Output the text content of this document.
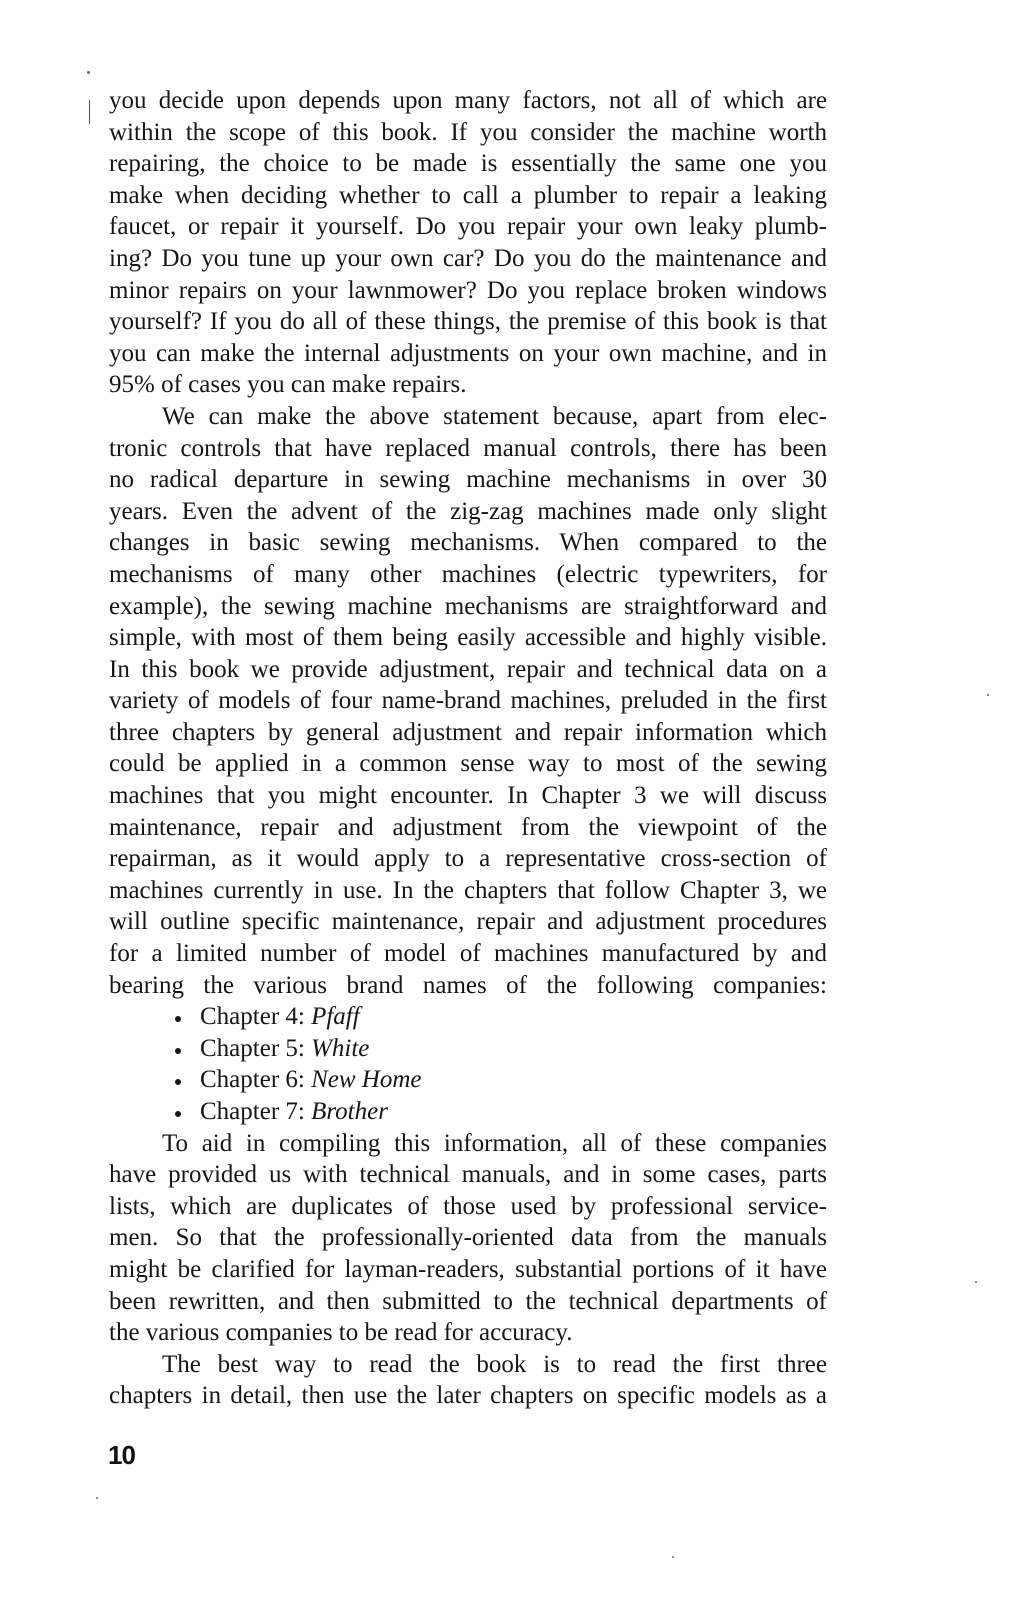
you decide upon depends upon many factors, not all of which are
within the scope of this book. If you consider the machine worth
repairing, the choice to be made is essentially the same one you
make when deciding whether to call a plumber to repair a leaking
faucet, or repair it yourself. Do you repair your own leaky plumb-
ing? Do you tune up your own car? Do you do the maintenance and
minor repairs on your lawnmower? Do you replace broken windows
yourself? If you do all of these things, the premise of this book is that
you can make the internal adjustments on your own machine, and in
95% of cases you can make repairs.
We can make the above statement because, apart from elec-
tronic controls that have replaced manual controls, there has been
no radical departure in sewing machine mechanisms in over 30
years. Even the advent of the zig-zag machines made only slight
changes in basic sewing mechanisms. When compared to the
mechanisms of many other machines (electric typewriters, for
example), the sewing machine mechanisms are straightforward and
simple, with most of them being easily accessible and highly visible.
In this book we provide adjustment, repair and technical data on a
variety of models of four name-brand machines, preluded in the first
three chapters by general adjustment and repair information which
could be applied in a common sense way to most of the sewing
machines that you might encounter. In Chapter 3 we will discuss
maintenance, repair and adjustment from the viewpoint of the
repairman, as it would apply to a representative cross-section of
machines currently in use. In the chapters that follow Chapter 3, we
will outline specific maintenance, repair and adjustment procedures
for a limited number of model of machines manufactured by and
bearing the various brand names of the following companies:
Chapter 4: Pfaff
Chapter 5: White
Chapter 6: New Home
Chapter 7: Brother
To aid in compiling this information, all of these companies
have provided us with technical manuals, and in some cases, parts
lists, which are duplicates of those used by professional service-
men. So that the professionally-oriented data from the manuals
might be clarified for layman-readers, substantial portions of it have
been rewritten, and then submitted to the technical departments of
the various companies to be read for accuracy.
The best way to read the book is to read the first three
chapters in detail, then use the later chapters on specific models as a
10
